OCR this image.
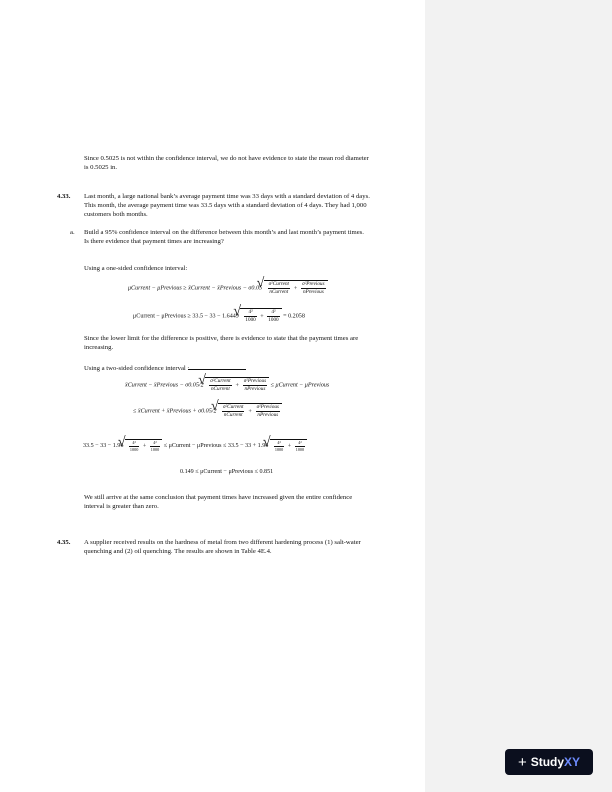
Since 0.5025 is not within the confidence interval, we do not have evidence to state the mean rod diameter
is 0.5025 in.
4.33. Last month, a large national bank’s average payment time was 33 days with a standard deviation of 4 days.
This month, the average payment time was 33.5 days with a standard deviation of 4 days. They had 1,000
customers both months.
a. Build a 95% confidence interval on the difference between this month’s and last month’s payment times.
Is there evidence that payment times are increasing?
Using a one-sided confidence interval:
μCurrent − μPrevious ≥ x̄Current − x̄Previous − σ0.05 √ $\frac{\text{σ²Current}}{\text{nCurrent}} + \frac{\text{σ²Previous}}{\text{nPrevious}}$
μCurrent − μPrevious ≥ 33.5 − 33 − 1.6449 √ $\frac{\text{4²}}{1000} + \frac{\text{4²}}{1000} = 0.2058$
Since the lower limit for the difference is positive, there is evidence to state that the payment times are
increasing.
Using a two-sided confidence interval :
x̄Current − x̄Previous − σ0.05/2 √ $\frac{\text{σ²Current}}{\text{nCurrent}} + \frac{\text{σ²Previous}}{\text{nPrevious}}$ ≤ μCurrent − μPrevious
≤ x̄Current + x̄Previous + σ0.05/2 √ $\frac{\text{σ²Current}}{\text{nCurrent}} + \frac{\text{σ²Previous}}{\text{nPrevious}}$
33.5 − 33 − 1.96 √ $\frac{\text{4²}}{1000} + \frac{\text{4²}}{1000}$ ≤ μCurrent − μPrevious ≤ 33.5 − 33 + 1.96 √ $\frac{\text{4²}}{1000} + \frac{\text{4²}}{1000}$
0.149 ≤ μCurrent − μPrevious ≤ 0.851
We still arrive at the same conclusion that payment times have increased given the entire confidence
interval is greater than zero.
4.35. A supplier received results on the hardness of metal from two different hardening process (1) salt-water
quenching and (2) oil quenching. The results are shown in Table 4E.4.
+ Study XY
